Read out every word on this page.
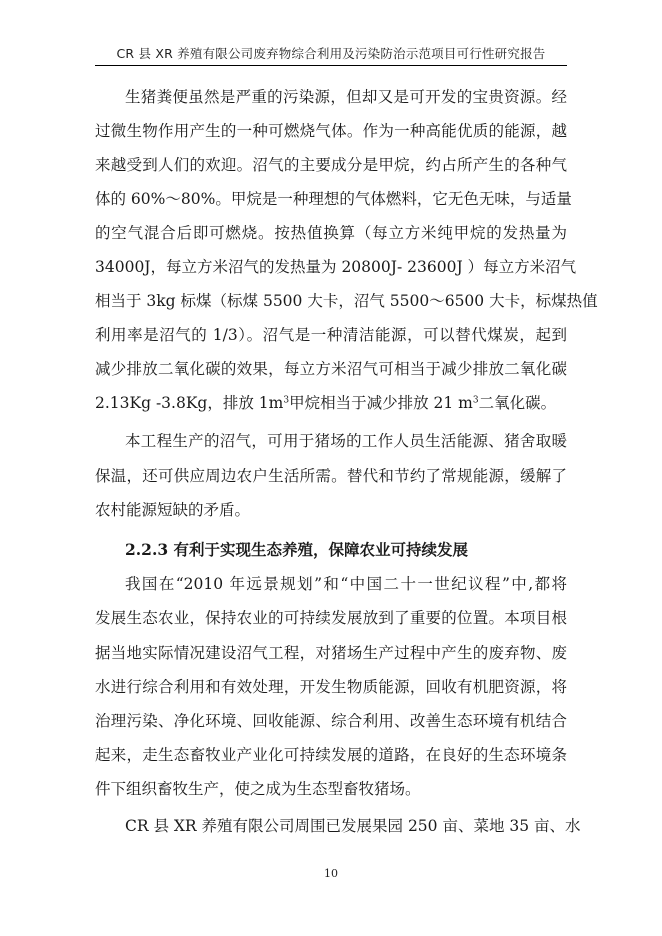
CR 县 XR 养殖有限公司废弃物综合利用及污染防治示范项目可行性研究报告
生猪粪便虽然是严重的污染源，但却又是可开发的宝贵资源。经
过微生物作用产生的一种可燃烧气体。作为一种高能优质的能源，越
来越受到人们的欢迎。沼气的主要成分是甲烷，约占所产生的各种气
体的 60%～80%。甲烷是一种理想的气体燃料，它无色无味，与适量
的空气混合后即可燃烧。按热值换算（每立方米纯甲烷的发热量为
34000J，每立方米沼气的发热量为 20800J- 23600J ）每立方米沼气
相当于 3kg 标煤（标煤 5500 大卡，沼气 5500～6500 大卡，标煤热值
利用率是沼气的 1/3）。沼气是一种清洁能源，可以替代煤炭，起到
减少排放二氧化碳的效果，每立方米沼气可相当于减少排放二氧化碳
2.13Kg -3.8Kg，排放 $1m^3$甲烷相当于减少排放 21 $m^3$二氧化碳。
本工程生产的沼气，可用于猪场的工作人员生活能源、猪舍取暖
保温，还可供应周边农户生活所需。替代和节约了常规能源，缓解了
农村能源短缺的矛盾。
2.2.3 有利于实现生态养殖，保障农业可持续发展
我国在“2010 年远景规划”和“中国二十一世纪议程”中,都将
发展生态农业，保持农业的可持续发展放到了重要的位置。本项目根
据当地实际情况建设沼气工程，对猪场生产过程中产生的废弃物、废
水进行综合利用和有效处理，开发生物质能源，回收有机肥资源，将
治理污染、净化环境、回收能源、综合利用、改善生态环境有机结合
起来，走生态畜牧业产业化可持续发展的道路，在良好的生态环境条
件下组织畜牧生产，使之成为生态型畜牧猪场。
CR 县 XR 养殖有限公司周围已发展果园 250 亩、菜地 35 亩、水
10
